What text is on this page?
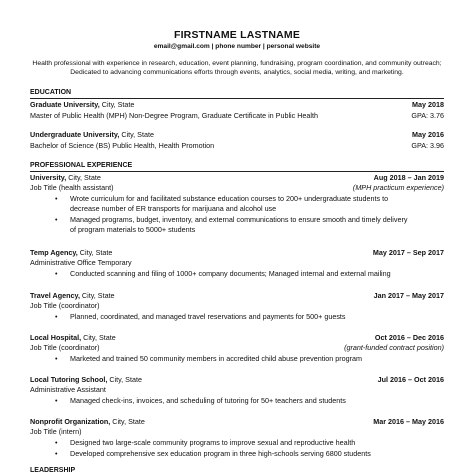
FIRSTNAME LASTNAME
email@gmail.com | phone number | personal website
Health professional with experience in research, education, event planning, fundraising, program coordination, and community outreach; Dedicated to advancing communications efforts through events, analytics, social media, writing, and marketing.
EDUCATION
Graduate University, City, State	May 2018
Master of Public Health (MPH) Non-Degree Program, Graduate Certificate in Public Health	GPA: 3.76
Undergraduate University, City, State	May 2016
Bachelor of Science (BS) Public Health, Health Promotion	GPA: 3.96
PROFESSIONAL EXPERIENCE
University, City, State	Aug 2018 – Jan 2019
Job Title (health assistant)	(MPH practicum experience)
• Wrote curriculum for and facilitated substance education courses to 200+ undergraduate students to
decrease number of ER transports for marijuana and alcohol use
• Managed programs, budget, inventory, and external communications to ensure smooth and timely delivery
of program materials to 5000+ students
Temp Agency, City, State	May 2017 – Sep 2017
Administrative Office Temporary
• Conducted scanning and filing of 1000+ company documents; Managed internal and external mailing
Travel Agency, City, State	Jan 2017 – May 2017
Job Title (coordinator)
• Planned, coordinated, and managed travel reservations and payments for 500+ guests
Local Hospital, City, State	Oct 2016 – Dec 2016
Job Title (coordinator)	(grant-funded contract position)
• Marketed and trained 50 community members in accredited child abuse prevention program
Local Tutoring School, City, State	Jul 2016 – Oct 2016
Administrative Assistant
• Managed check-ins, invoices, and scheduling of tutoring for 50+ teachers and students
Nonprofit Organization, City, State	Mar 2016 – May 2016
Job Title (intern)
• Designed two large-scale community programs to improve sexual and reproductive health
• Developed comprehensive sex education program in three high-schools serving 6800 students
LEADERSHIP
